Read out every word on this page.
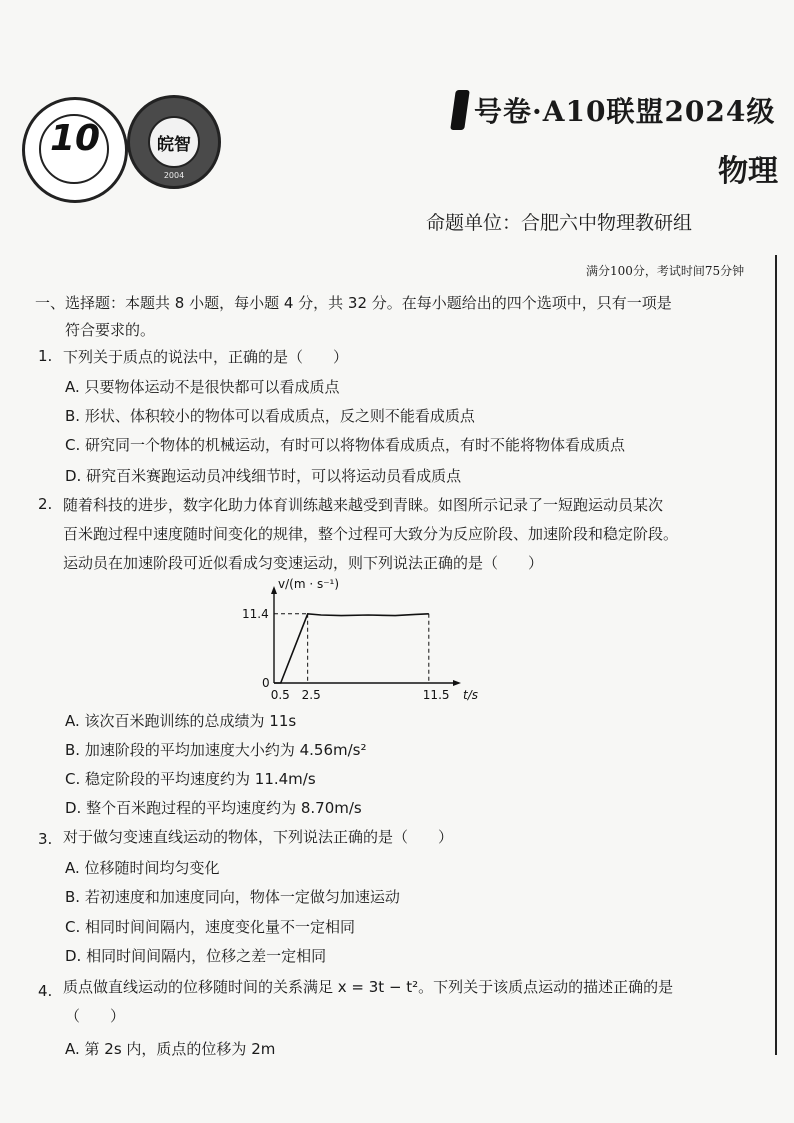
10	皖智
2004
号卷·A10联盟2024级
物理
命题单位：合肥六中物理教研组
满分100分，考试时间75分钟
一、选择题：本题共 8 小题，每小题 4 分，共 32 分。在每小题给出的四个选项中，只有一项是
符合要求的。
1. 下列关于质点的说法中，正确的是（　　）
A. 只要物体运动不是很快都可以看成质点
B. 形状、体积较小的物体可以看成质点，反之则不能看成质点
C. 研究同一个物体的机械运动，有时可以将物体看成质点，有时不能将物体看成质点
D. 研究百米赛跑运动员冲线细节时，可以将运动员看成质点
2. 随着科技的进步，数字化助力体育训练越来越受到青睐。如图所示记录了一短跑运动员某次
百米跑过程中速度随时间变化的规律，整个过程可大致分为反应阶段、加速阶段和稳定阶段。
运动员在加速阶段可近似看成匀变速运动，则下列说法正确的是（　　）
v/(m · s⁻¹)
t/s
0
11.4
0.5 2.5	11.5
A. 该次百米跑训练的总成绩为 11s
B. 加速阶段的平均加速度大小约为 4.56m/s²
C. 稳定阶段的平均速度约为 11.4m/s
D. 整个百米跑过程的平均速度约为 8.70m/s
3. 对于做匀变速直线运动的物体，下列说法正确的是（　　）
A. 位移随时间均匀变化
B. 若初速度和加速度同向，物体一定做匀加速运动
C. 相同时间间隔内，速度变化量不一定相同
D. 相同时间间隔内，位移之差一定相同
4. 质点做直线运动的位移随时间的关系满足 x = 3t − t²。下列关于该质点运动的描述正确的是
（　　）
A. 第 2s 内，质点的位移为 2m
